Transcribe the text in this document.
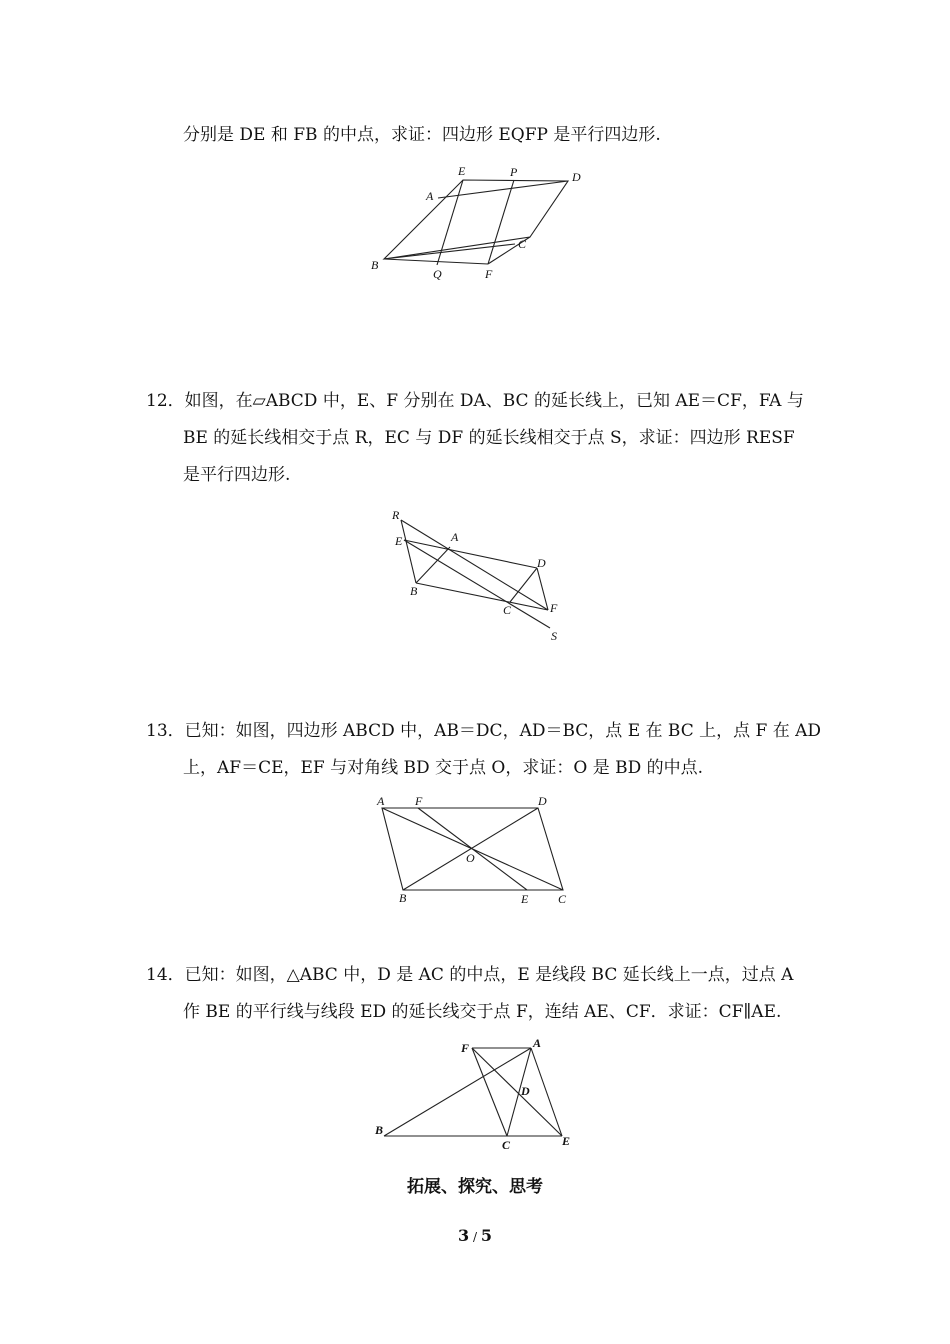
分别是 DE 和 FB 的中点，求证：四边形 EQFP 是平行四边形.
E	P	D
A
C
B
Q	F
12．如图，在▱ABCD 中，E、F 分别在 DA、BC 的延长线上，已知 AE＝CF，FA 与
BE 的延长线相交于点 R，EC 与 DF 的延长线相交于点 S，求证：四边形 RESF
是平行四边形.
R
E	A
D
B
C	F
S
13．已知：如图，四边形 ABCD 中，AB＝DC，AD＝BC，点 E 在 BC 上，点 F 在 AD
上，AF＝CE，EF 与对角线 BD 交于点 O，求证：O 是 BD 的中点.
A	F	D
O
B	E C
14．已知：如图，△ABC 中，D 是 AC 的中点，E 是线段 BC 延长线上一点，过点 A
作 BE 的平行线与线段 ED 的延长线交于点 F，连结 AE、CF．求证：CF∥AE.
F	A
D
B
C	E
拓展、探究、思考
3 / 5
